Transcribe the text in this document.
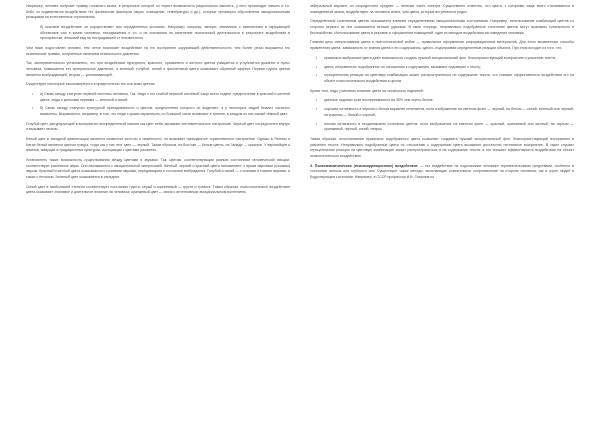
Например, человек получает травму головного мозга, в результате которой он теряет возможность рационально мыслить, у него происходит память и т.п. Либо он подвергается воздействию тех физических факторов (звуки, освещение, температуры и др.), которые чрезмерно обусловлены эмоциональными реакциями на естественные ограничения.

б) шоковое воздействие он осуществляют при определенных условиях. Например, капризы, эмоции, связанные с изменением в окружающей обстановке или в жизни человека, телодвижения и т.п. и на основании на изменение психической деятельности в результате воздействия в пространстве, внешний вид на пострадавшей от неизвестного.

Чем ниже подготовлен человек, тем легче возникает воздействие на его восприятие окружающей действительности, тем более резко выражены его психические травмы, полученные наличием психического давления.

Так, экспериментально установлено, что при воздействии пурпурного, красного, оранжевого и желтого цветов учащается и углубляется дыхание и пульс человека, повышается его артериальное давление, а зеленый, голубой, синий и фиолетовый цвета оказывают обратный эффект. Первая группа цветов является возбуждающей, вторая — успокаивающей.

Существуют некоторые закономерности в предпочтении тех или иных цветов:

• а) Связь между статусом нервной системы человека. Так, люди с его слабой нервной системой чаще всего отдают предпочтение в красный и желтый цвета, люди с крепкими нервами — зеленый и синий.
• б) Связь между статусом культурной принадлежности и цветом, предпочтение которого он выделяет; а у некоторых людей бывает частично выявлены. Выражаются, например, в том, что люди с ярким характером, по большей части выявляют в тревоге, в каждом из них самый тёмный цвет.

Голубой цвет, фигурирующий в восприятии неопределенной памяти как цвет неба, вызывает сентиментальное настроение. Черный цвет сосредоточен внутрь и вызывает печаль.

Белый цвет в западной цивилизации является символом чистоты и невинности, он вызывает приподнятое торжественное настроение. Однако в Японии и Китае белый является цветом траура, тогда как у нас этот цвет — черный. Таким образом, на Востоке — белые цветы, на Западе — красные. У европейцев и азиатов, живущих в традиционных культурах, ассоциации с цветами различны.

Установлено также возможность существования между цветами и звуками. Так, цветам, соответствующим разным состояниям человеческой эмоции, соответствуют различные звуки. Они связываются с эмоциональной экспрессией. Желтый, черный и красный цвета напоминают; с ярким звуковым (громким) звуком. Красный и желтый цвета оказываются с громкими звуками, передающими в состоянии возбуждения. Голубой и синий — с низкими и тихими звуками, а также с печалью. Зеленый цвет оказывается в середине.

Синий цвет в наибольшей степени соответствует состоянию грусти, серый и коричневый — грусти и тревоге. Таким образом, психологическое воздействие цвета оказывает значимое и длительное влияние на человека; оранжевый цвет — связь с интенсивным эмоциональным волнением.

нейтральный вариант, он сосредоточен средних — зеленая часть спектра. Существенно отметить, что цвета, с которыми чаще всего сталкиваются в повседневной жизни, воздействуют на человека иначе, чем цвета, которые встречаются редко.

Определенным сочетаниям цветов оказывается влияние определенными эмоциональными состояниями. Например, использование комбинаций цветов со стороны первого из них оказывается весьма удачным. В свою очередь, неправильно подобранные сочетания цветов могут вызывать тревожность и беспокойство. Использование цвета в рекламе и оформлении помещений, один из методов воздействия на поведение человека.

Главная цель использования цвета в психологической войне — правильное оформление информационных материалов. Для этого выявленные способы применения цвета, зависимость от знания цвета и его содержания, одного, подчеркивая определенные реакции объекта. При этом исходят из того, что:

• правильно выбранные цвета дают возможность создать нужный эмоциональный фон, благоприятствующий восприятию и усвоению текста;
• цвета, неправильно подобранные по отношению к содержанию, вызывают недоверие к тексту;
• отрицательная реакция на цветовую комбинацию может распространиться на содержание текста, что снижает эффективность воздействия его на объект психологического воздействия в целом.

Кроме того, надо учитывать влияние цвета на читаемость надписей:

• цветные надписи хуже воспринимаются на 35% чем черно-белые;
• хорошая читаемость в черном и белом варианте сочетается, если изображение на светлом фоне — черный, на белом — синий, зеленый или черный, на красном — белый и черный;
• плохая читаемость в неодинаковом сочетании цветов, если изображение на светлом фоне — красный, оранжевый или желтый, на черном — оранжевый, черный, синий, неярко.

Таким образом, использование правильно подобранного цвета позволяет создавать нужный эмоциональный фон, благоприятствующий восприятию и усвоению текста. Неправильно подобранные цвета по отношению к содержанию цвета вызывают достаточно негативное восприятие. В таких случаях отрицательная реакция на цветовую комбинацию может распространиться и на содержание текста, а это снижает эффективность воздействия на объект психологического воздействия.

3. Психоаналитическое (психокоррекционное) воздействие — это воздействие на подсознание человека терапевтическими средствами, особенно в состоянии гипноза или глубокого сна. Существуют также методы, включающие сознательное сопротивление на стороне человека, так и групп людей в бодрствующем состоянии. Например, в СССР профессор И.В. Смирнов по
